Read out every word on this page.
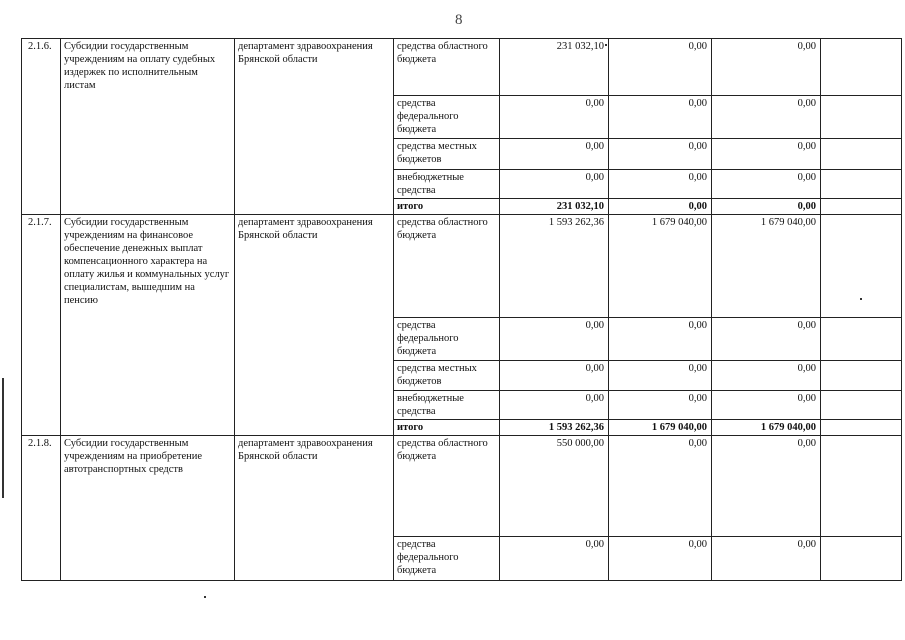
8
2.1.6.	Субсидии государственным учреждениям на оплату судебных издержек по исполнительным листам	департамент здравоохранения Брянской области	средства областного бюджета	231 032,10	0,00	0,00	
			средства федерального бюджета	0,00	0,00	0,00	
			средства местных бюджетов	0,00	0,00	0,00	
			внебюджетные средства	0,00	0,00	0,00	
			итого	231 032,10	0,00	0,00	
2.1.7.	Субсидии государственным учреждениям на финансовое обеспечение денежных выплат компенсационного характера на оплату жилья и коммунальных услуг специалистам, вышедшим на пенсию	департамент здравоохранения Брянской области	средства областного бюджета	1 593 262,36	1 679 040,00	1 679 040,00	
			средства федерального бюджета	0,00	0,00	0,00	
			средства местных бюджетов	0,00	0,00	0,00	
			внебюджетные средства	0,00	0,00	0,00	
			итого	1 593 262,36	1 679 040,00	1 679 040,00	
2.1.8.	Субсидии государственным учреждениям на приобретение автотранспортных средств	департамент здравоохранения Брянской области	средства областного бюджета	550 000,00	0,00	0,00	
			средства федерального бюджета	0,00	0,00	0,00	
